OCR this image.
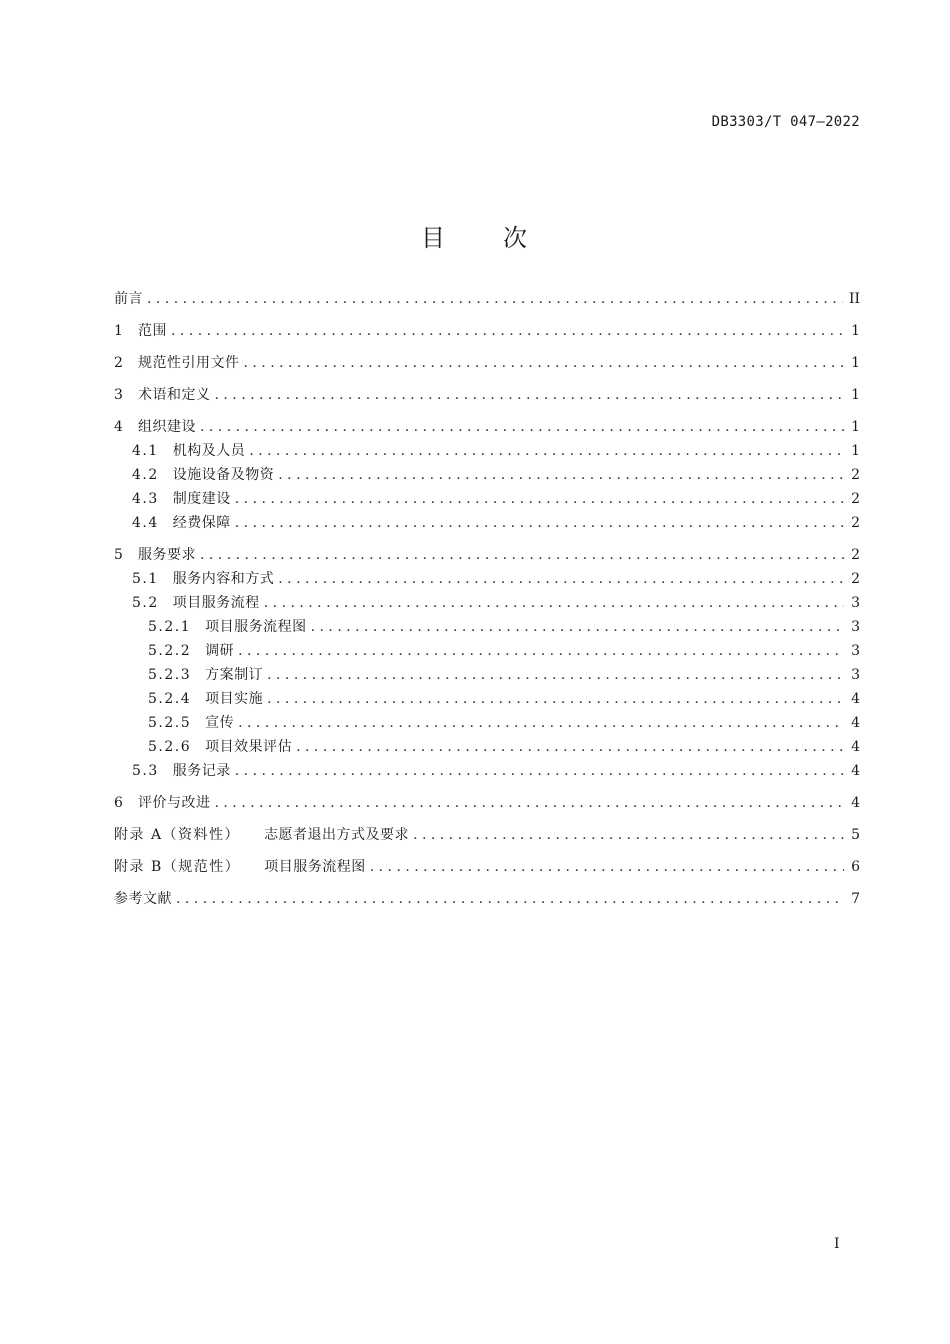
DB3303/T 047—2022
目 次
前言 . . .	II
1 范围 . . .	1
2 规范性引用文件 . . .	1
3 术语和定义 . . .	1
4 组织建设 . . .	1
4.1 机构及人员 . . .	1
4.2 设施设备及物资 . . .	2
4.3 制度建设 . . .	2
4.4 经费保障 . . .	2
5 服务要求 . . .	2
5.1 服务内容和方式 . . .	2
5.2 项目服务流程 . . .	3
5.2.1 项目服务流程图 . . .	3
5.2.2 调研 . . .	3
5.2.3 方案制订 . . .	3
5.2.4 项目实施 . . .	4
5.2.5 宣传 . . .	4
5.2.6 项目效果评估 . . .	4
5.3 服务记录 . . .	4
6 评价与改进 . . .	4
附录 A（资料性） 志愿者退出方式及要求 . . .	5
附录 B（规范性） 项目服务流程图 . . .	6
参考文献 . . .	7
I
